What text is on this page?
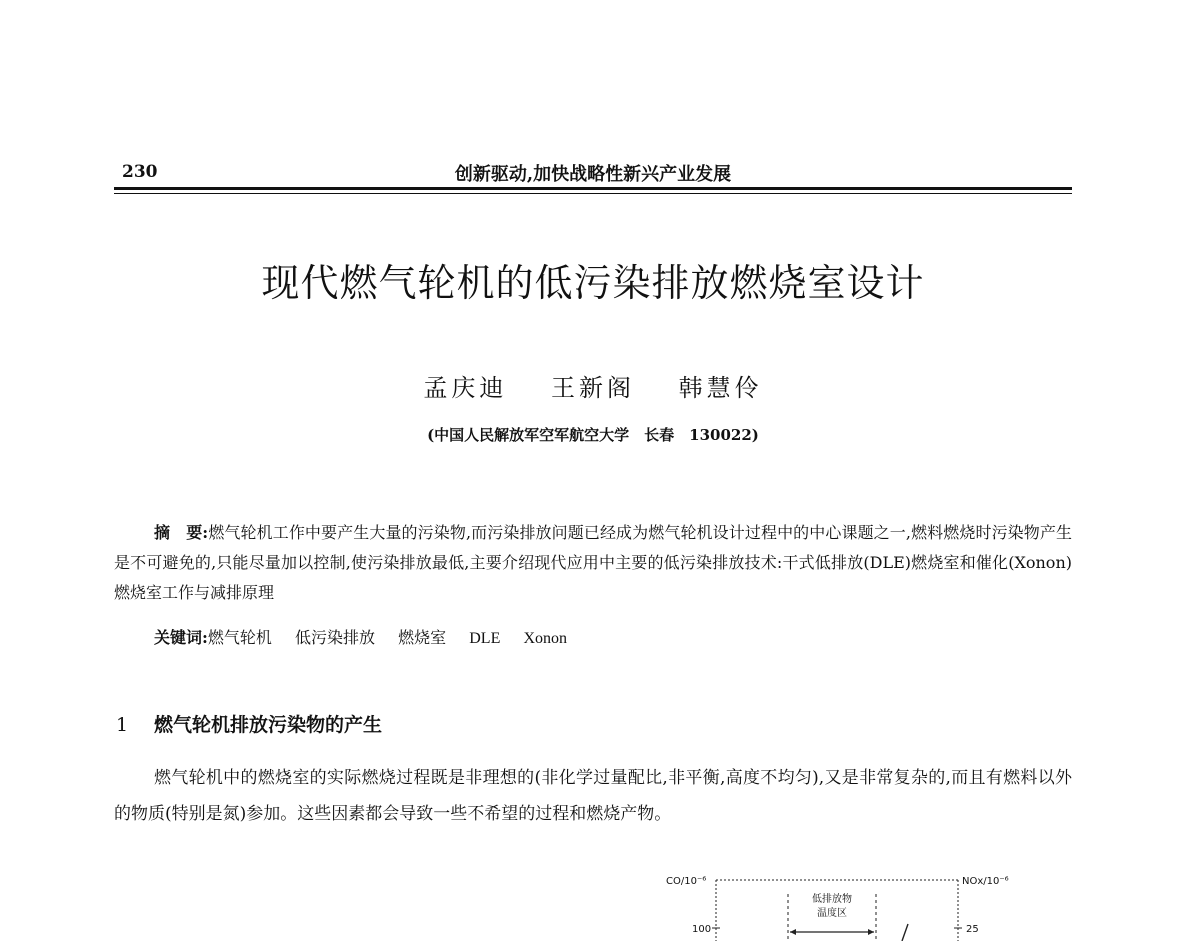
230	创新驱动,加快战略性新兴产业发展
现代燃气轮机的低污染排放燃烧室设计
孟庆迪 王新阁 韩慧伶
(中国人民解放军空军航空大学　长春　130022)
摘　要:燃气轮机工作中要产生大量的污染物,而污染排放问题已经成为燃气轮机设计过程中的中心课题之一,燃料燃烧时污染物产生是不可避免的,只能尽量加以控制,使污染排放最低,主要介绍现代应用中主要的低污染排放技术:干式低排放(DLE)燃烧室和催化(Xonon)燃烧室工作与减排原理
关键词:燃气轮机 低污染排放 燃烧室 DLE Xonon
1 燃气轮机排放污染物的产生
燃气轮机中的燃烧室的实际燃烧过程既是非理想的(非化学过量配比,非平衡,高度不均匀),又是非常复杂的,而且有燃料以外的物质(特别是氮)参加。这些因素都会导致一些不希望的过程和燃烧产物。
CO/10⁻⁶	NOx/10⁻⁶
低排放物
温度区
100	25
